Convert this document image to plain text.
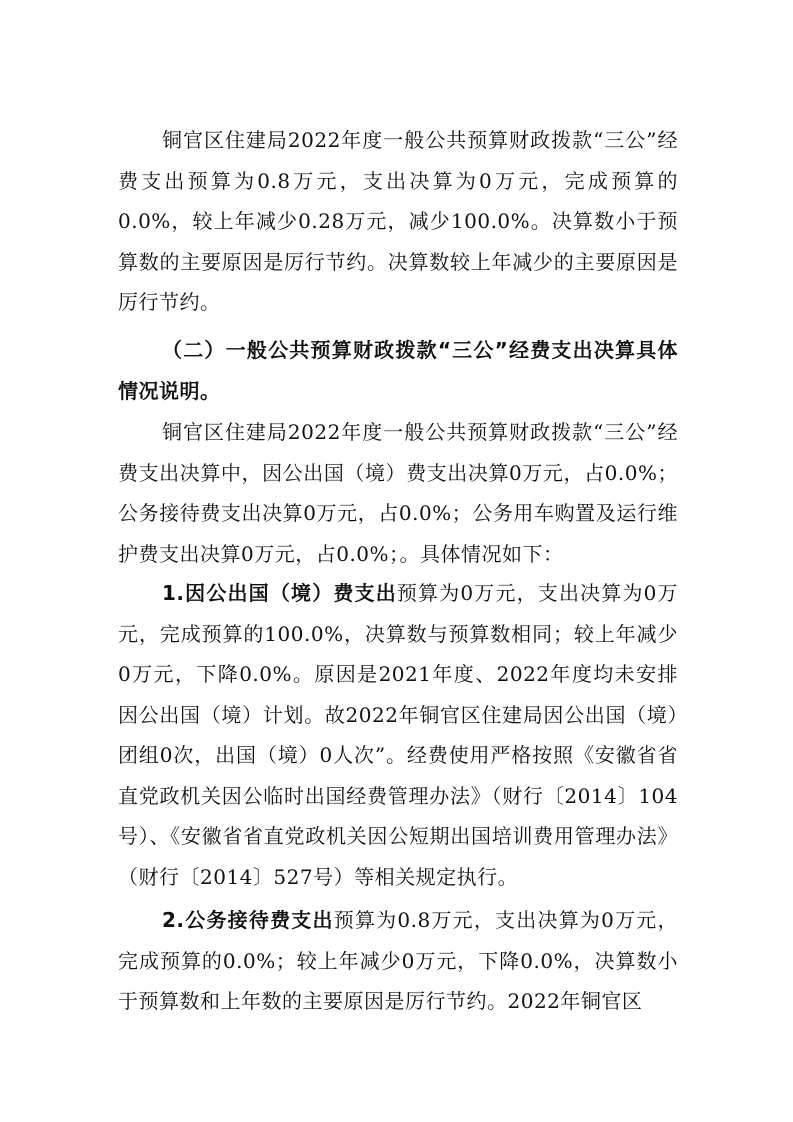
铜官区住建局2022年度一般公共预算财政拨款“三公”经费支出预算为0.8万元，支出决算为0万元，完成预算的0.0%，较上年减少0.28万元，减少100.0%。决算数小于预算数的主要原因是厉行节约。决算数较上年减少的主要原因是厉行节约。

（二）一般公共预算财政拨款“三公”经费支出决算具体情况说明。

铜官区住建局2022年度一般公共预算财政拨款“三公”经费支出决算中，因公出国（境）费支出决算0万元，占0.0%；公务接待费支出决算0万元，占0.0%；公务用车购置及运行维护费支出决算0万元，占0.0%；。具体情况如下：

1.因公出国（境）费支出预算为0万元，支出决算为0万元，完成预算的100.0%，决算数与预算数相同；较上年减少0万元，下降0.0%。原因是2021年度、2022年度均未安排因公出国（境）计划。故2022年铜官区住建局因公出国（境）团组0次，出国（境）0人次”。经费使用严格按照《安徽省省直党政机关因公临时出国经费管理办法》（财行〔2014〕104号）、《安徽省省直党政机关因公短期出国培训费用管理办法》（财行〔2014〕527号）等相关规定执行。

2.公务接待费支出预算为0.8万元，支出决算为0万元，完成预算的0.0%；较上年减少0万元，下降0.0%，决算数小于预算数和上年数的主要原因是厉行节约。2022年铜官区
